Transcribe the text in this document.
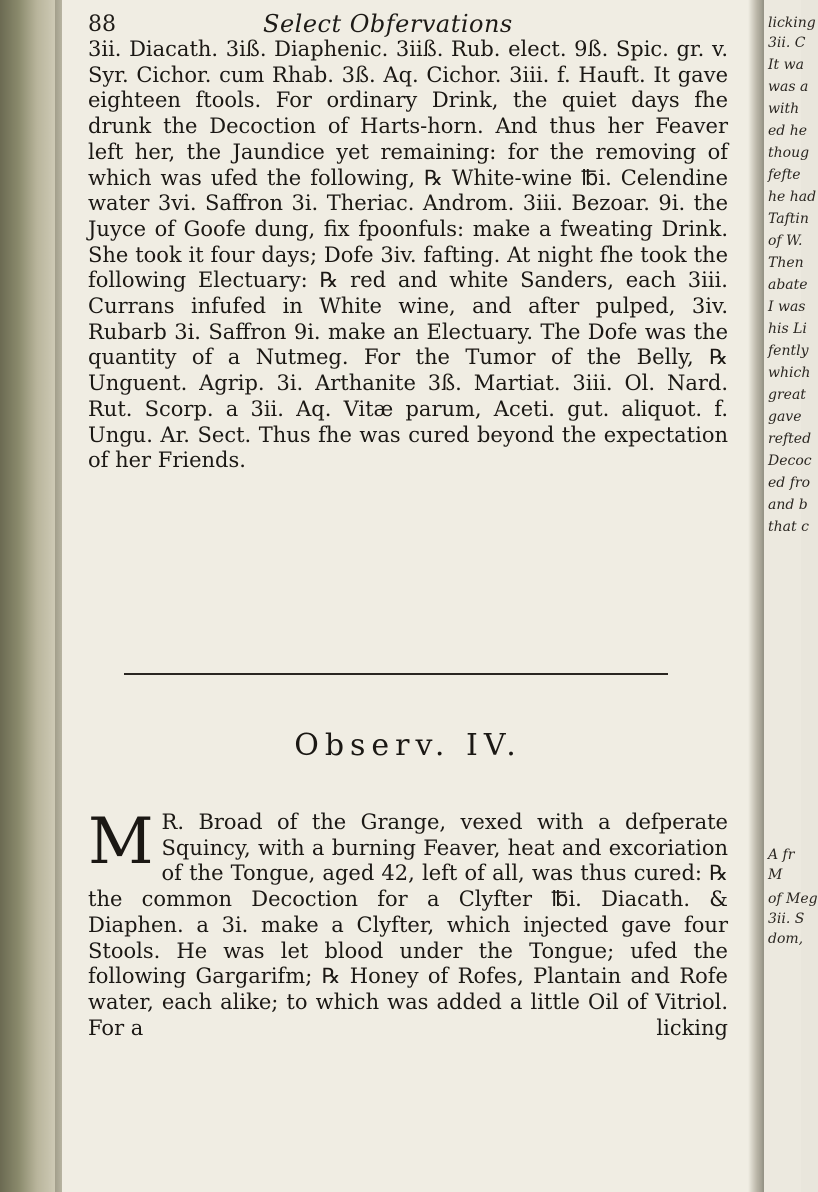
licking
3ii. C
It wa
was a
with
ed he
thoug
fefte
he had
Taftin
of W.
Then
abate
I was
his Li
fently
which
great
gave
refted
Decoc
ed fro
and b
that c
A fr
M
of Meg
3ii. S
dom,
88	Select Obfervations

3ii. Diacath. 3iß. Diaphenic. 3iiß. Rub. elect. 9ß. Spic. gr. v. Syr. Cichor. cum Rhab. 3ß. Aq. Cichor. 3iii. f. Hauft. It gave eighteen ftools. For ordinary Drink, the quiet days fhe drunk the Decoction of Harts-horn. And thus her Feaver left her, the Jaundice yet remaining: for the removing of which was ufed the following, ℞ White-wine ℔i. Celendine water 3vi. Saffron 3i. Theriac. Androm. 3iii. Bezoar. 9i. the Juyce of Goofe dung, fix fpoonfuls: make a fweating Drink. She took it four days; Dofe 3iv. fafting. At night fhe took the following Electuary: ℞ red and white Sanders, each 3iii. Currans infufed in White wine, and after pulped, 3iv. Rubarb 3i. Saffron 9i. make an Electuary. The Dofe was the quantity of a Nutmeg. For the Tumor of the Belly, ℞ Unguent. Agrip. 3i. Arthanite 3ß. Martiat. 3iii. Ol. Nard. Rut. Scorp. a 3ii. Aq. Vitæ parum, Aceti. gut. aliquot. f. Ungu. Ar. Sect. Thus fhe was cured beyond the expectation of her Friends.

Observ. IV.
M R. Broad of the Grange, vexed with a defperate Squincy, with a burning Feaver, heat and excoriation of the Tongue, aged 42, left of all, was thus cured: ℞ the common Decoction for a Clyfter ℔i. Diacath. & Diaphen. a 3i. make a Clyfter, which injected gave four Stools. He was let blood under the Tongue; ufed the following Gargarifm; ℞ Honey of Rofes, Plantain and Rofe water, each alike; to which was added a little Oil of Vitriol. For a	licking
